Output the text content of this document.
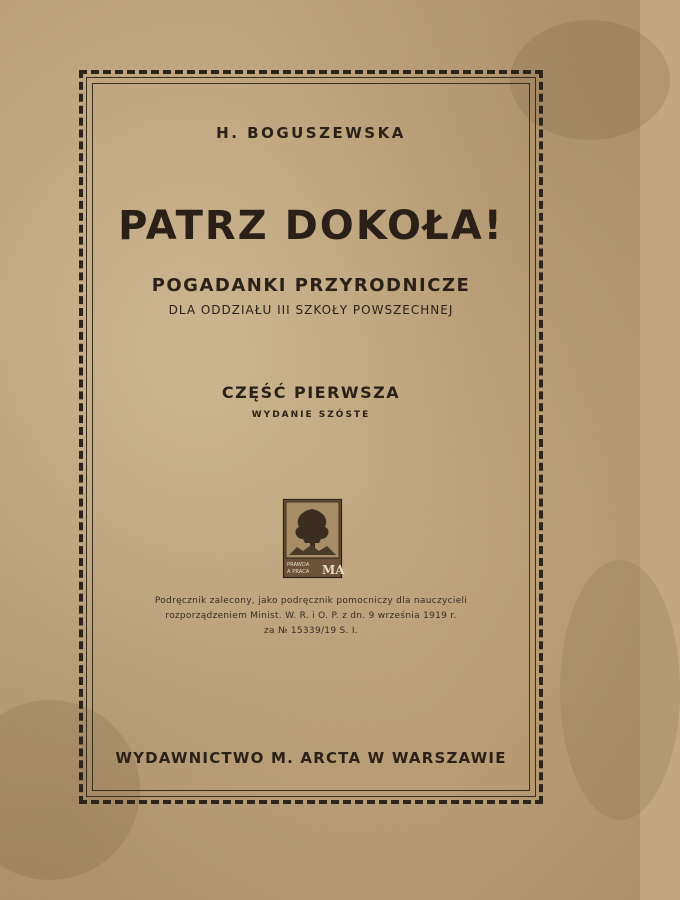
H. BOGUSZEWSKA
PATRZ DOKOŁA!
POGADANKI PRZYRODNICZE
DLA ODDZIAŁU III SZKOŁY POWSZECHNEJ
CZĘŚĆ PIERWSZA
WYDANIE SZÓSTE
PRAWDA
A PRACA MA
Podręcznik zalecony, jako podręcznik pomocniczy dla nauczycieli
rozporządzeniem Minist. W. R. i O. P. z dn. 9 września 1919 r.
za № 15339/19 S. I.
WYDAWNICTWO M. ARCTA W WARSZAWIE
